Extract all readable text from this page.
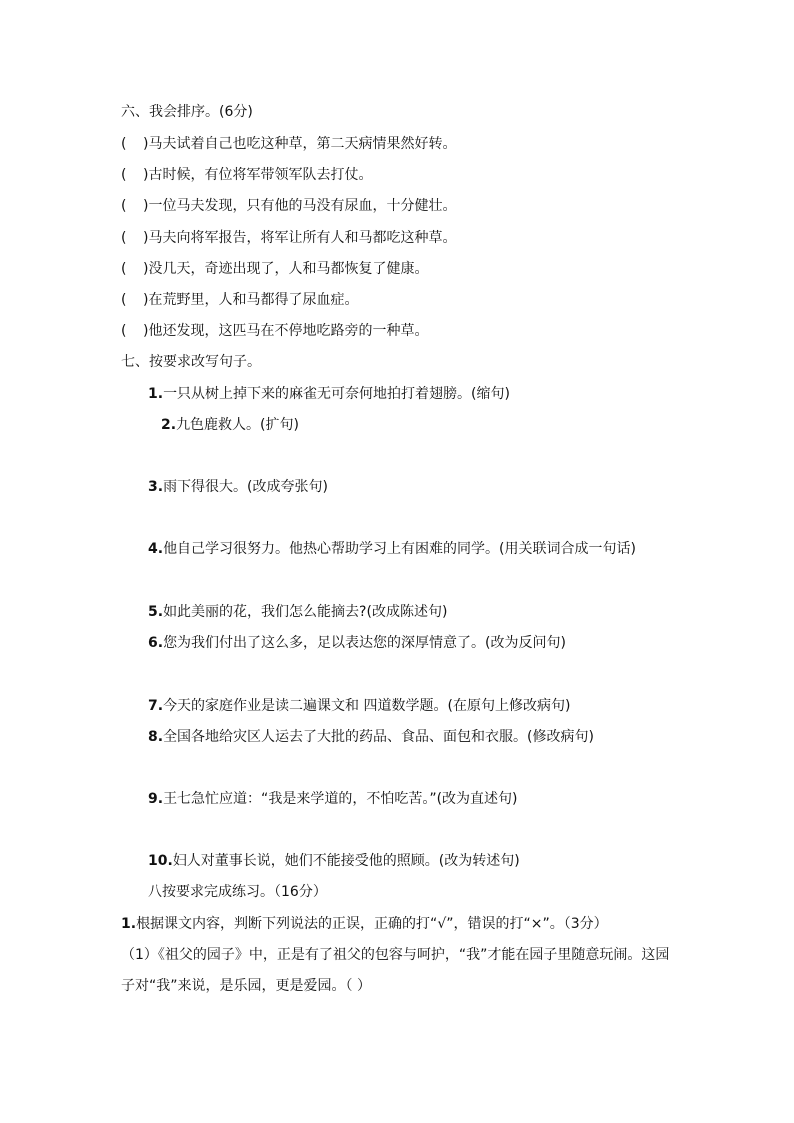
六、我会排序。(6分)
( )马夫试着自己也吃这种草，第二天病情果然好转。
( )古时候，有位将军带领军队去打仗。
( )一位马夫发现，只有他的马没有尿血，十分健壮。
( )马夫向将军报告，将军让所有人和马都吃这种草。
( )没几天，奇迹出现了，人和马都恢复了健康。
( )在荒野里，人和马都得了尿血症。
( )他还发现，这匹马在不停地吃路旁的一种草。
七、按要求改写句子。
1.一只从树上掉下来的麻雀无可奈何地拍打着翅膀。(缩句)
2.九色鹿救人。(扩句)
3.雨下得很大。(改成夸张句)
4.他自己学习很努力。他热心帮助学习上有困难的同学。(用关联词合成一句话)
5.如此美丽的花，我们怎么能摘去?(改成陈述句)
6.您为我们付出了这么多，足以表达您的深厚情意了。(改为反问句)
7.今天的家庭作业是读二遍课文和 四道数学题。(在原句上修改病句)
8.全国各地给灾区人运去了大批的药品、食品、面包和衣服。(修改病句)
9.王七急忙应道：“我是来学道的，不怕吃苦。”(改为直述句)
10.妇人对董事长说，她们不能接受他的照顾。(改为转述句)
八按要求完成练习。（16分）
1.根据课文内容，判断下列说法的正误，正确的打“√”，错误的打“×”。（3分）
（1）《祖父的园子》中，正是有了祖父的包容与呵护，“我”才能在园子里随意玩闹。这园
子对“我”来说，是乐园，更是爱园。（ ）
